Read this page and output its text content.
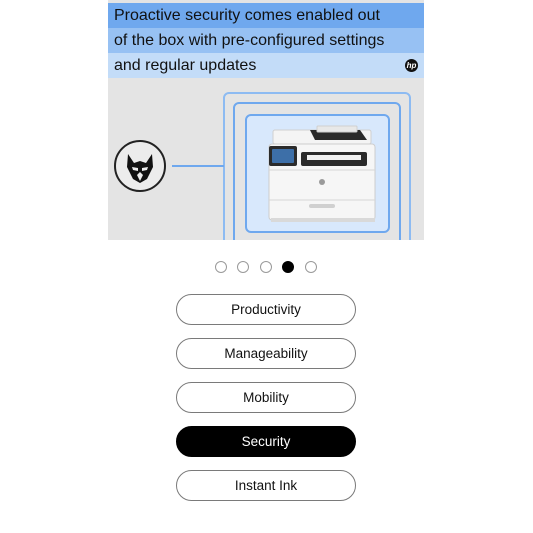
Proactive security comes enabled out
of the box with pre-configured settings
and regular updates	hp
Productivity
Manageability
Mobility
Security
Instant Ink
